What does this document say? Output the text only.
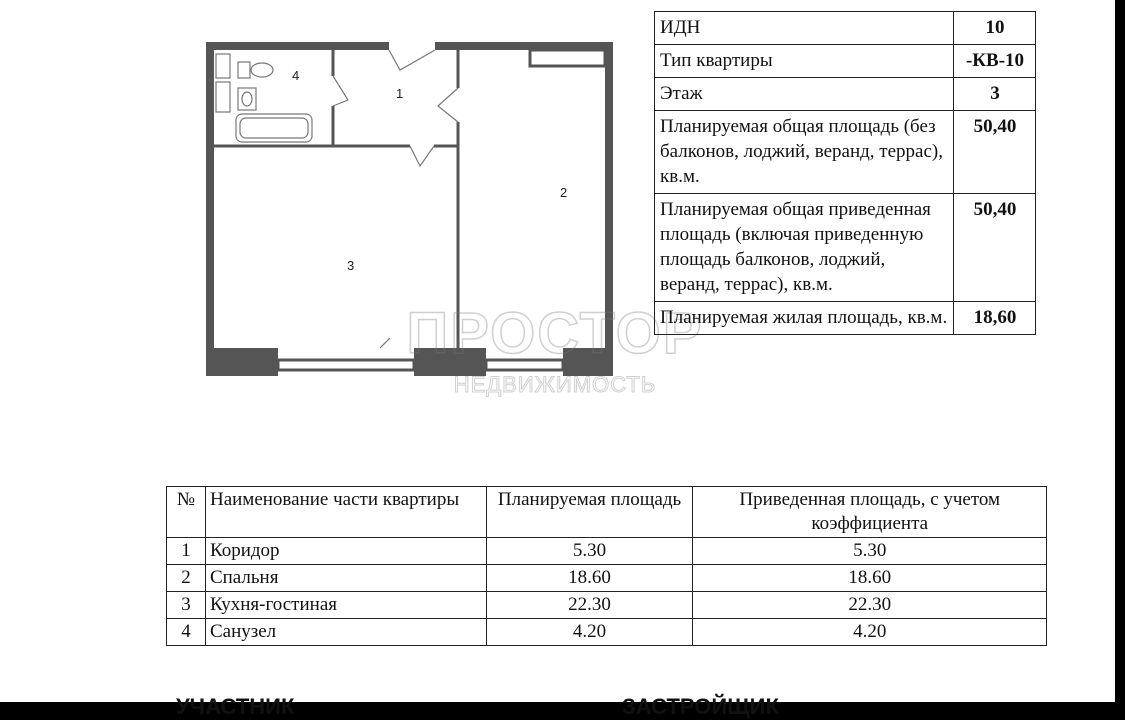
4
1
2
3
ПРОСТОР
НЕДВИЖИМОСТЬ
ИДН	10
Тип квартиры	-КВ-10
Этаж	3
Планируемая общая площадь (без балконов, лоджий, веранд, террас), кв.м.	50,40
Планируемая общая приведенная площадь (включая приведенную площадь балконов, лоджий, веранд, террас), кв.м.	50,40
Планируемая жилая площадь, кв.м.	18,60
№	Наименование части квартиры	Планируемая площадь	Приведенная площадь, с учетом коэффициента
1	Коридор	5.30	5.30
2	Спальня	18.60	18.60
3	Кухня-гостиная	22.30	22.30
4	Санузел	4.20	4.20
УЧАСТНИК	ЗАСТРОЙЩИК
